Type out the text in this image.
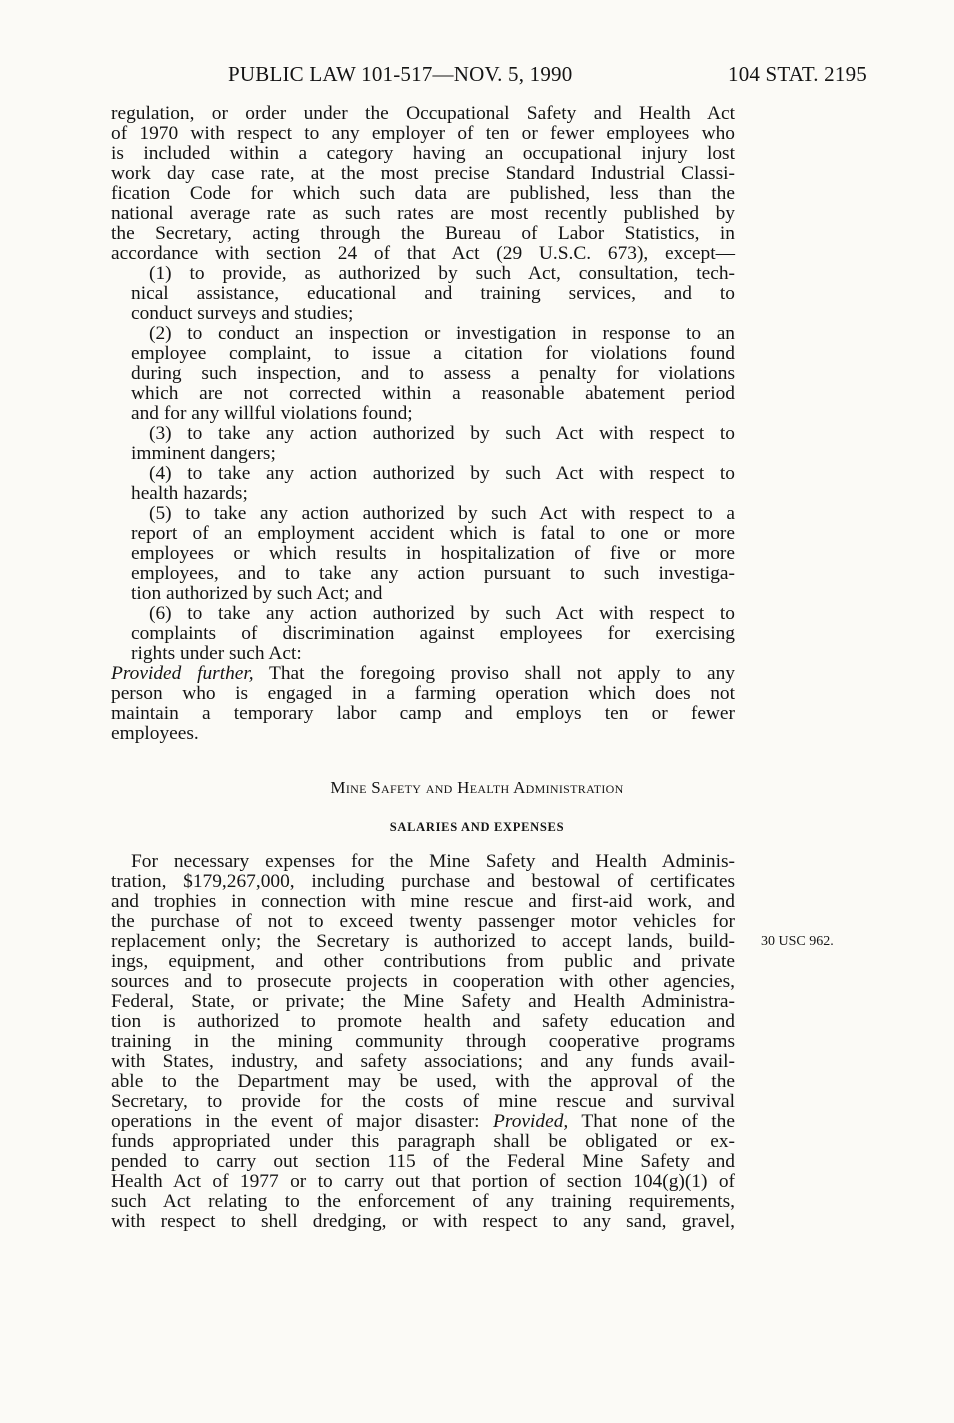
PUBLIC LAW 101-517—NOV. 5, 1990	104 STAT. 2195
regulation, or order under the Occupational Safety and Health Act
of 1970 with respect to any employer of ten or fewer employees who
is included within a category having an occupational injury lost
work day case rate, at the most precise Standard Industrial Classi-
fication Code for which such data are published, less than the
national average rate as such rates are most recently published by
the Secretary, acting through the Bureau of Labor Statistics, in
accordance with section 24 of that Act (29 U.S.C. 673), except—
(1) to provide, as authorized by such Act, consultation, tech-
nical assistance, educational and training services, and to
conduct surveys and studies;
(2) to conduct an inspection or investigation in response to an
employee complaint, to issue a citation for violations found
during such inspection, and to assess a penalty for violations
which are not corrected within a reasonable abatement period
and for any willful violations found;
(3) to take any action authorized by such Act with respect to
imminent dangers;
(4) to take any action authorized by such Act with respect to
health hazards;
(5) to take any action authorized by such Act with respect to a
report of an employment accident which is fatal to one or more
employees or which results in hospitalization of five or more
employees, and to take any action pursuant to such investiga-
tion authorized by such Act; and
(6) to take any action authorized by such Act with respect to
complaints of discrimination against employees for exercising
rights under such Act:
Provided further, That the foregoing proviso shall not apply to any
person who is engaged in a farming operation which does not
maintain a temporary labor camp and employs ten or fewer
employees.
Mine Safety and Health Administration
SALARIES AND EXPENSES
For necessary expenses for the Mine Safety and Health Adminis-
tration, $179,267,000, including purchase and bestowal of certificates
and trophies in connection with mine rescue and first-aid work, and
the purchase of not to exceed twenty passenger motor vehicles for
replacement only; the Secretary is authorized to accept lands, build-
ings, equipment, and other contributions from public and private
sources and to prosecute projects in cooperation with other agencies,
Federal, State, or private; the Mine Safety and Health Administra-
tion is authorized to promote health and safety education and
training in the mining community through cooperative programs
with States, industry, and safety associations; and any funds avail-
able to the Department may be used, with the approval of the
Secretary, to provide for the costs of mine rescue and survival
operations in the event of major disaster: Provided, That none of the
funds appropriated under this paragraph shall be obligated or ex-
pended to carry out section 115 of the Federal Mine Safety and
Health Act of 1977 or to carry out that portion of section 104(g)(1) of
such Act relating to the enforcement of any training requirements,
with respect to shell dredging, or with respect to any sand, gravel,
30 USC 962.
